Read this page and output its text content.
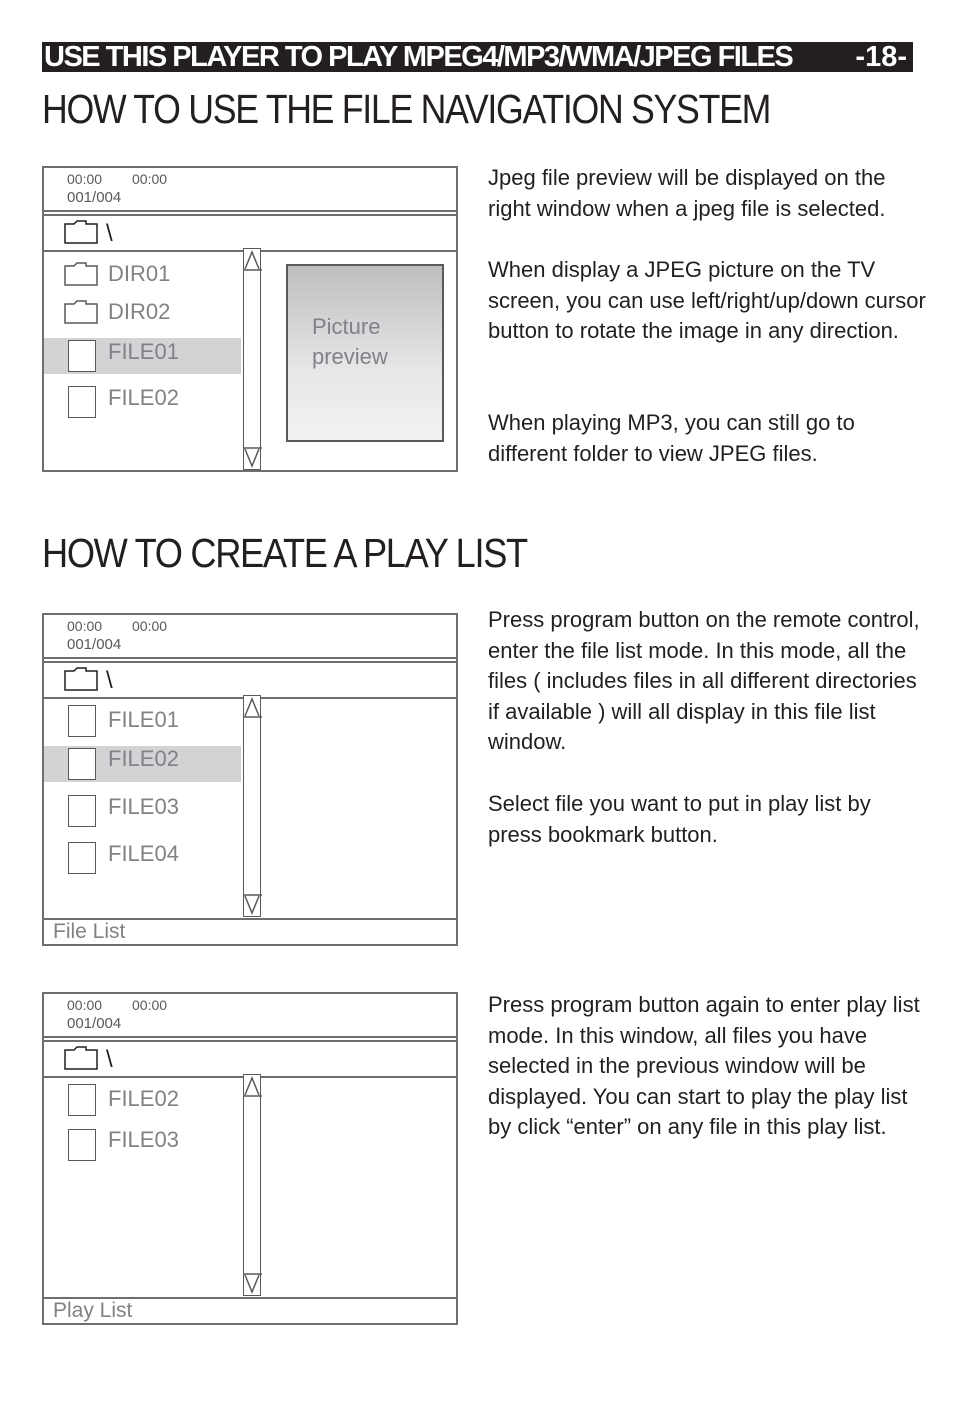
USE THIS PLAYER TO PLAY MPEG4/MP3/WMA/JPEG FILES -18-
HOW TO USE THE FILE NAVIGATION SYSTEM
00:00 00:00
001/004
\
DIR01
DIR02
FILE01
FILE02
Picture preview

Jpeg file preview will be displayed on the right window when a jpeg file is selected.

When display a JPEG picture on the TV screen, you can use left/right/up/down cursor button to rotate the image in any direction.

When playing MP3, you can still go to different folder to view JPEG files.

HOW TO CREATE A PLAY LIST
00:00 00:00
001/004
\
FILE01
FILE02
FILE03
FILE04
File List

Press program button on the remote control, enter the file list mode. In this mode, all the files ( includes files in all different directories if available ) will all display in this file list window.

Select file you want to put in play list by press bookmark button.

00:00 00:00
001/004
\
FILE02
FILE03
Play List

Press program button again to enter play list mode. In this window, all files you have selected in the previous window will be displayed. You can start to play the play list by click “enter” on any file in this play list.
